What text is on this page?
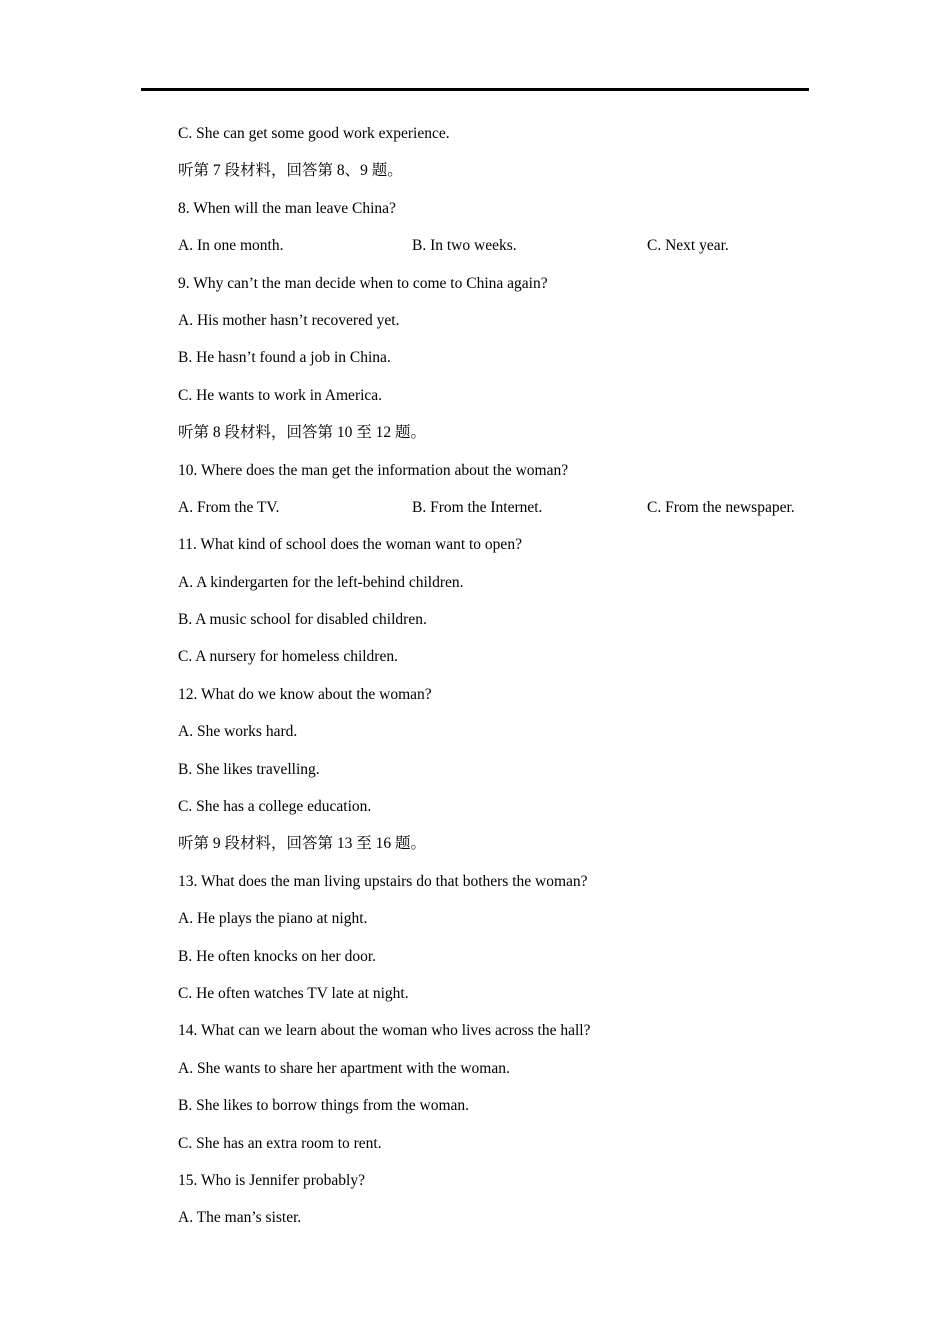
C. She can get some good work experience.
听第 7 段材料，回答第 8、9 题。
8. When will the man leave China?
A. In one month.	B. In two weeks.	C. Next year.
9. Why can’t the man decide when to come to China again?
A. His mother hasn’t recovered yet.
B. He hasn’t found a job in China.
C. He wants to work in America.
听第 8 段材料，回答第 10 至 12 题。
10. Where does the man get the information about the woman?
A. From the TV.	B. From the Internet.	C. From the newspaper.
11. What kind of school does the woman want to open?
A. A kindergarten for the left-behind children.
B. A music school for disabled children.
C. A nursery for homeless children.
12. What do we know about the woman?
A. She works hard.
B. She likes travelling.
C. She has a college education.
听第 9 段材料，回答第 13 至 16 题。
13. What does the man living upstairs do that bothers the woman?
A. He plays the piano at night.
B. He often knocks on her door.
C. He often watches TV late at night.
14. What can we learn about the woman who lives across the hall?
A. She wants to share her apartment with the woman.
B. She likes to borrow things from the woman.
C. She has an extra room to rent.
15. Who is Jennifer probably?
A. The man’s sister.
